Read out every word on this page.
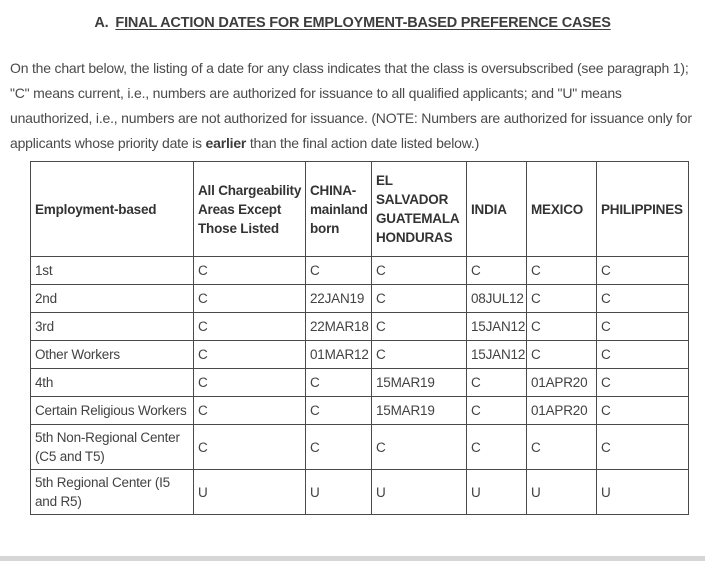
A. FINAL ACTION DATES FOR EMPLOYMENT-BASED PREFERENCE CASES

On the chart below, the listing of a date for any class indicates that the class is oversubscribed (see paragraph 1); "C" means current, i.e., numbers are authorized for issuance to all qualified applicants; and "U" means unauthorized, i.e., numbers are not authorized for issuance. (NOTE: Numbers are authorized for issuance only for applicants whose priority date is earlier than the final action date listed below.)

Employment-based	All Chargeability Areas Except Those Listed	CHINA-mainland born	EL SALVADOR GUATEMALA HONDURAS	INDIA	MEXICO	PHILIPPINES
1st	C	C	C	C	C	C
2nd	C	22JAN19	C	08JUL12	C	C
3rd	C	22MAR18	C	15JAN12	C	C
Other Workers	C	01MAR12	C	15JAN12	C	C
4th	C	C	15MAR19	C	01APR20	C
Certain Religious Workers	C	C	15MAR19	C	01APR20	C
5th Non-Regional Center (C5 and T5)	C	C	C	C	C	C
5th Regional Center (I5 and R5)	U	U	U	U	U	U
